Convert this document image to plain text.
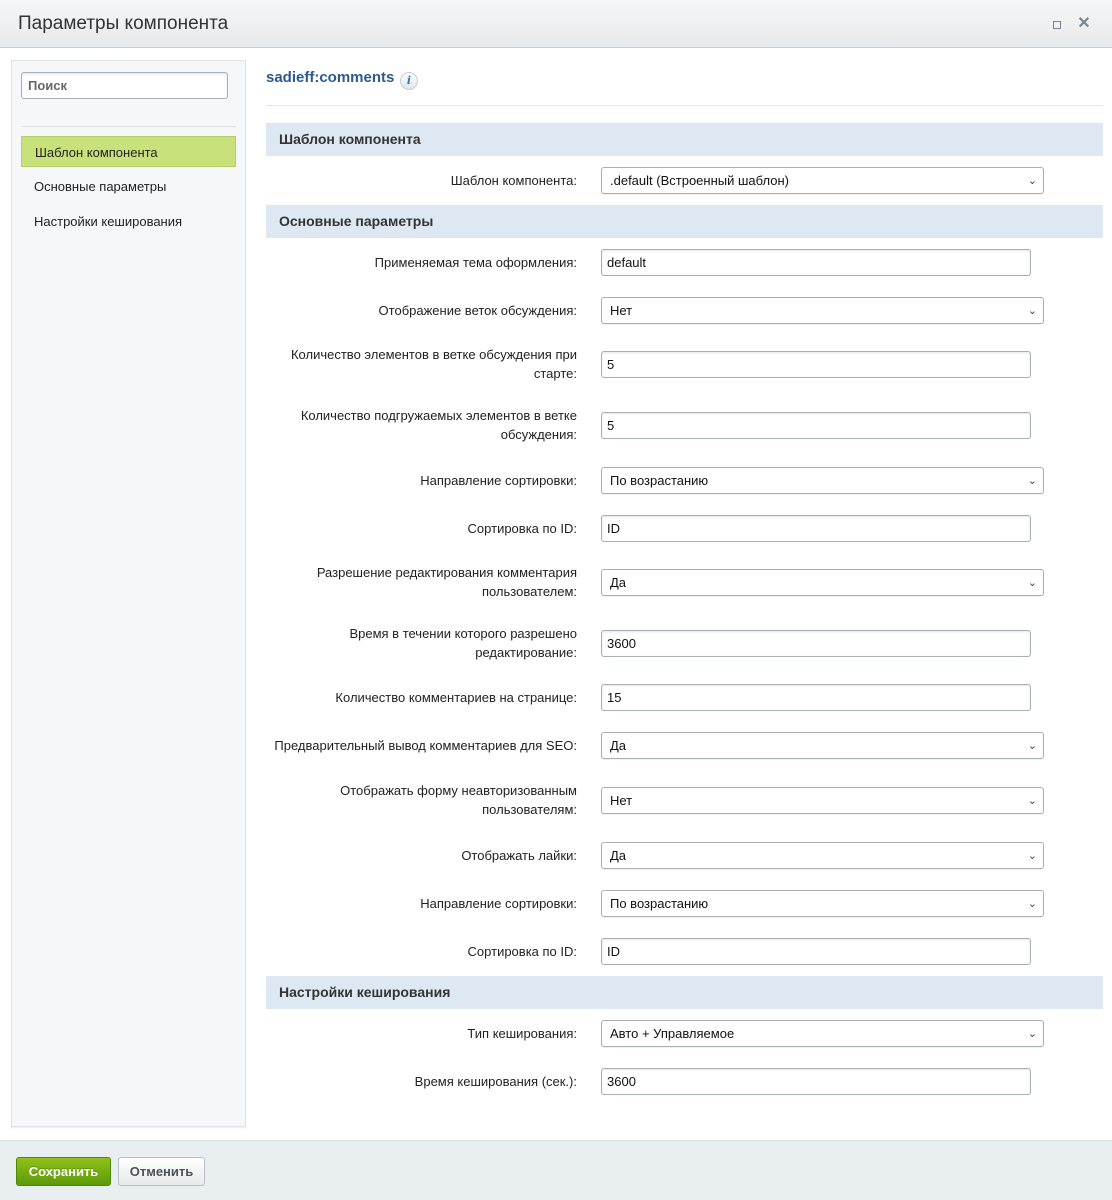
Параметры компонента	✕
Поиск
Шаблон компонента
Основные параметры
Настройки кеширования
sadieff:comments	i
Шаблон компонента
Шаблон компонента:	.default (Встроенный шаблон)	⌄
Основные параметры
Применяемая тема оформления:
default
Отображение веток обсуждения:	Нет	⌄
Количество элементов в ветке обсуждения при старте:
5
Количество подгружаемых элементов в ветке обсуждения:
5
Направление сортировки:	По возрастанию	⌄
Сортировка по ID:
ID
Разрешение редактирования комментария пользователем:
Да	⌄
Время в течении которого разрешено редактирование:
3600
Количество комментариев на странице:
15
Предварительный вывод комментариев для SEO:	Да	⌄
Отображать форму неавторизованным пользователям:
Нет	⌄
Отображать лайки:	Да	⌄
Направление сортировки:	По возрастанию	⌄
Сортировка по ID:
ID
Настройки кеширования
Тип кеширования:	Авто + Управляемое	⌄
Время кеширования (сек.):
3600
Сохранить	Отменить
